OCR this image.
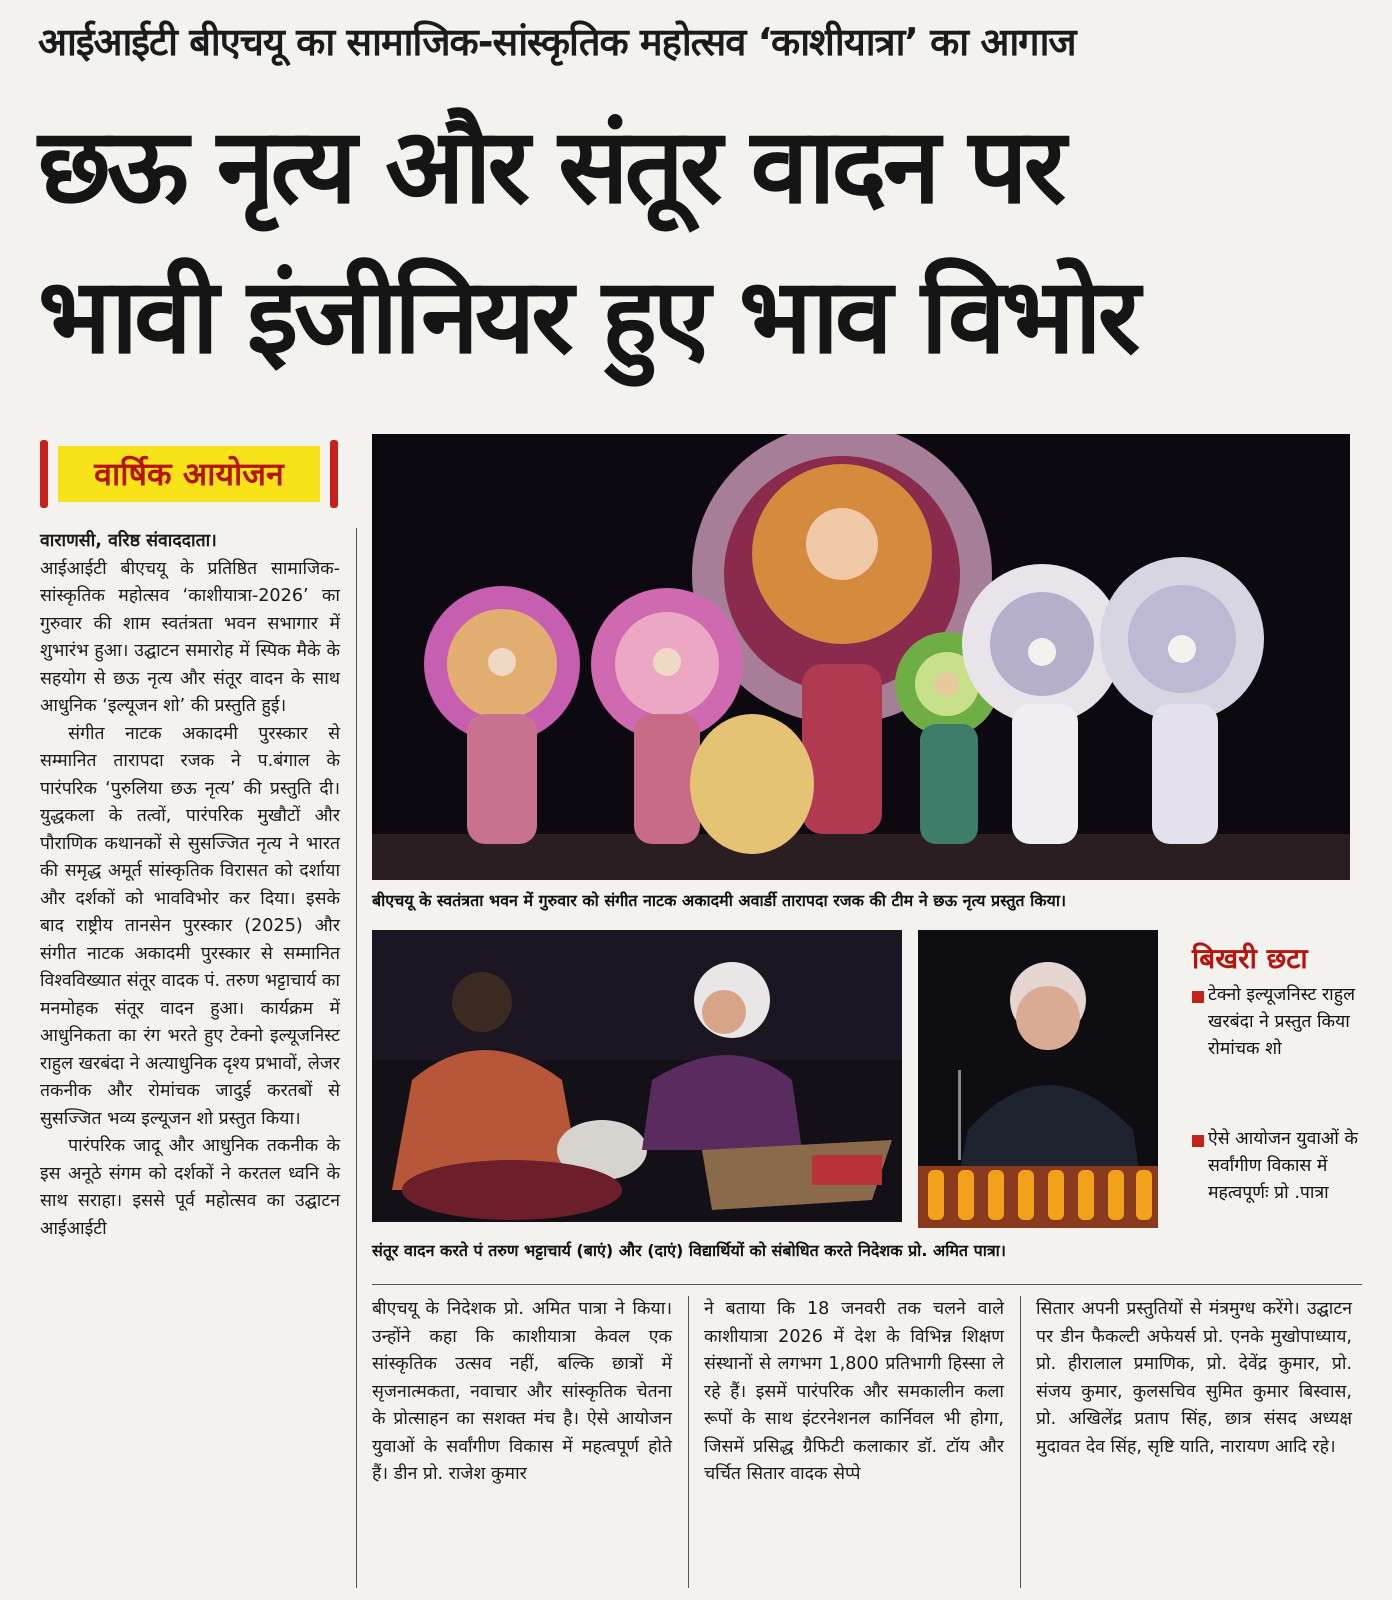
आईआईटी बीएचयू का सामाजिक-सांस्कृतिक महोत्सव ‘काशीयात्रा’ का आगाज
छऊ नृत्य और संतूर वादन पर
भावी इंजीनियर हुए भाव विभोर
वार्षिक आयोजन

वाराणसी, वरिष्ठ संवाददाता।

आईआईटी बीएचयू के प्रतिष्ठित सामाजिक-सांस्कृतिक महोत्सव ‘काशीयात्रा-2026’ का गुरुवार की शाम स्वतंत्रता भवन सभागार में शुभारंभ हुआ। उद्घाटन समारोह में स्पिक मैके के सहयोग से छऊ नृत्य और संतूर वादन के साथ आधुनिक ‘इल्यूजन शो’ की प्रस्तुति हुई।

संगीत नाटक अकादमी पुरस्कार से सम्मानित तारापदा रजक ने प.बंगाल के पारंपरिक ‘पुरुलिया छऊ नृत्य’ की प्रस्तुति दी। युद्धकला के तत्वों, पारंपरिक मुखौटों और पौराणिक कथानकों से सुसज्जित नृत्य ने भारत की समृद्ध अमूर्त सांस्कृतिक विरासत को दर्शाया और दर्शकों को भावविभोर कर दिया। इसके बाद राष्ट्रीय तानसेन पुरस्कार (2025) और संगीत नाटक अकादमी पुरस्कार से सम्मानित विश्वविख्यात संतूर वादक पं. तरुण भट्टाचार्य का मनमोहक संतूर वादन हुआ। कार्यक्रम में आधुनिकता का रंग भरते हुए टेक्नो इल्यूजनिस्ट राहुल खरबंदा ने अत्याधुनिक दृश्य प्रभावों, लेजर तकनीक और रोमांचक जादुई करतबों से सुसज्जित भव्य इल्यूजन शो प्रस्तुत किया।

पारंपरिक जादू और आधुनिक तकनीक के इस अनूठे संगम को दर्शकों ने करतल ध्वनि के साथ सराहा। इससे पूर्व महोत्सव का उद्घाटन आईआईटी

बीएचयू के स्वतंत्रता भवन में गुरुवार को संगीत नाटक अकादमी अवार्डी तारापदा रजक की टीम ने छऊ नृत्य प्रस्तुत किया।
संतूर वादन करते पं तरुण भट्टाचार्य (बाएं) और (दाएं) विद्यार्थियों को संबोधित करते निदेशक प्रो. अमित पात्रा।
बिखरी छटा
टेक्नो इल्यूजनिस्ट राहुल खरबंदा ने प्रस्तुत किया रोमांचक शो
ऐसे आयोजन युवाओं के सर्वांगीण विकास में महत्वपूर्णः प्रो .पात्रा
बीएचयू के निदेशक प्रो. अमित पात्रा ने किया। उन्होंने कहा कि काशीयात्रा केवल एक सांस्कृतिक उत्सव नहीं, बल्कि छात्रों में सृजनात्मकता, नवाचार और सांस्कृतिक चेतना के प्रोत्साहन का सशक्त मंच है। ऐसे आयोजन युवाओं के सर्वांगीण विकास में महत्वपूर्ण होते हैं। डीन प्रो. राजेश कुमार
ने बताया कि 18 जनवरी तक चलने वाले काशीयात्रा 2026 में देश के विभिन्न शिक्षण संस्थानों से लगभग 1,800 प्रतिभागी हिस्सा ले रहे हैं। इसमें पारंपरिक और समकालीन कला रूपों के साथ इंटरनेशनल कार्निवल भी होगा, जिसमें प्रसिद्ध ग्रैफिटी कलाकार डॉ. टॉय और चर्चित सितार वादक सेप्पे
सितार अपनी प्रस्तुतियों से मंत्रमुग्ध करेंगे। उद्घाटन पर डीन फैकल्टी अफेयर्स प्रो. एनके मुखोपाध्याय, प्रो. हीरालाल प्रमाणिक, प्रो. देवेंद्र कुमार, प्रो. संजय कुमार, कुलसचिव सुमित कुमार बिस्वास, प्रो. अखिलेंद्र प्रताप सिंह, छात्र संसद अध्यक्ष मुदावत देव सिंह, सृष्टि याति, नारायण आदि रहे।
